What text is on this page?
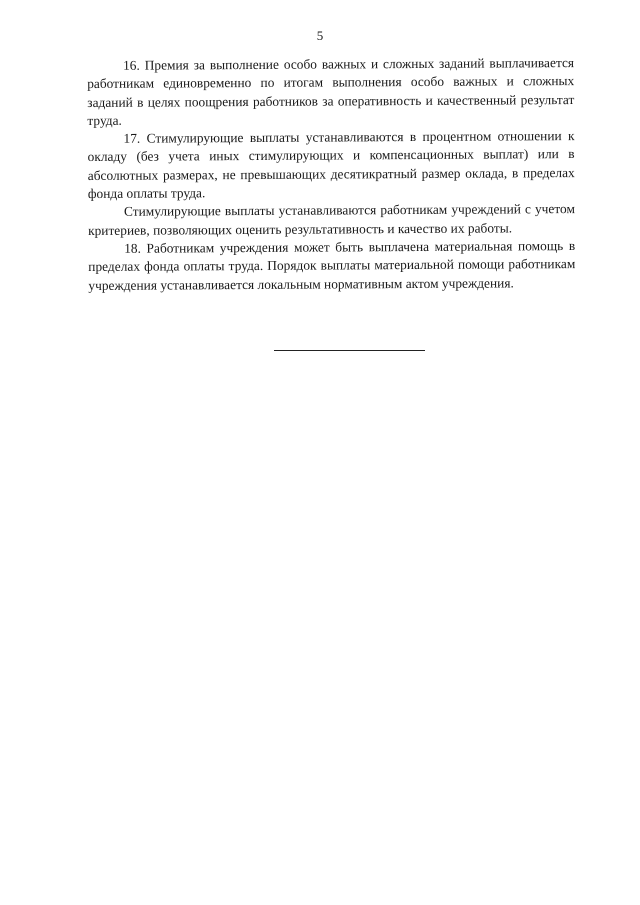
5

16. Премия за выполнение особо важных и сложных заданий выплачивается работникам единовременно по итогам выполнения особо важных и сложных заданий в целях поощрения работников за оперативность и качественный результат труда.

17. Стимулирующие выплаты устанавливаются в процентном отношении к окладу (без учета иных стимулирующих и компенсационных выплат) или в абсолютных размерах, не превышающих десятикратный размер оклада, в пределах фонда оплаты труда.

Стимулирующие выплаты устанавливаются работникам учреждений с учетом критериев, позволяющих оценить результативность и качество их работы.

18. Работникам учреждения может быть выплачена материальная помощь в пределах фонда оплаты труда. Порядок выплаты материальной помощи работникам учреждения устанавливается локальным нормативным актом учреждения.
